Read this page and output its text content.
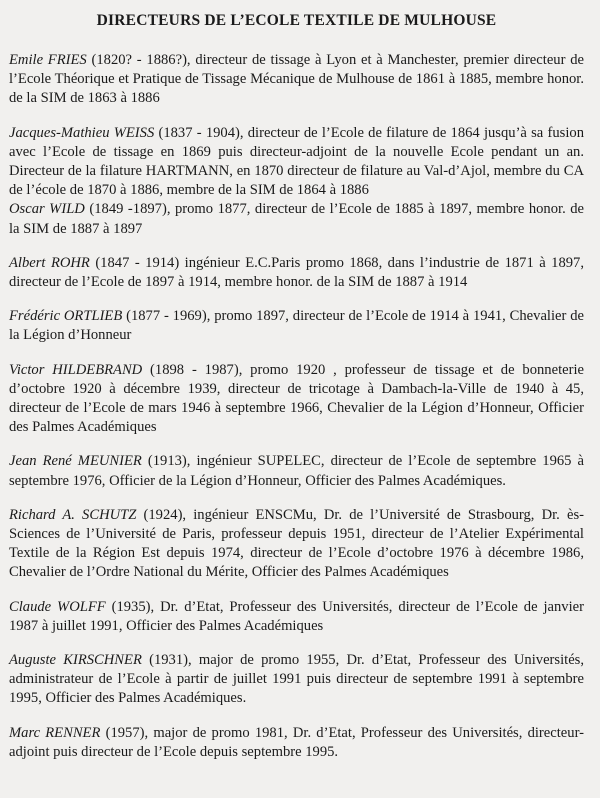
DIRECTEURS DE L’ECOLE TEXTILE DE MULHOUSE

Emile FRIES (1820? - 1886?), directeur de tissage à Lyon et à Manchester, premier directeur de l’Ecole Théorique et Pratique de Tissage Mécanique de Mulhouse de 1861 à 1885, membre honor. de la SIM de 1863 à 1886

Jacques-Mathieu WEISS (1837 - 1904), directeur de l’Ecole de filature de 1864 jusqu’à sa fusion avec l’Ecole de tissage en 1869 puis directeur-adjoint de la nouvelle Ecole pendant un an. Directeur de la filature HARTMANN, en 1870 directeur de filature au Val-d’Ajol, membre du CA de l’école de 1870 à 1886, membre de la SIM de 1864 à 1886

Oscar WILD (1849 -1897), promo 1877, directeur de l’Ecole de 1885 à 1897, membre honor. de la SIM de 1887 à 1897

Albert ROHR (1847 - 1914) ingénieur E.C.Paris promo 1868, dans l’industrie de 1871 à 1897, directeur de l’Ecole de 1897 à 1914, membre honor. de la SIM de 1887 à 1914

Frédéric ORTLIEB (1877 - 1969), promo 1897, directeur de l’Ecole de 1914 à 1941, Chevalier de la Légion d’Honneur

Victor HILDEBRAND (1898 - 1987), promo 1920 , professeur de tissage et de bonneterie d’octobre 1920 à décembre 1939, directeur de tricotage à Dambach-la-Ville de 1940 à 45, directeur de l’Ecole de mars 1946 à septembre 1966, Chevalier de la Légion d’Honneur, Officier des Palmes Académiques

Jean René MEUNIER (1913), ingénieur SUPELEC, directeur de l’Ecole de septembre 1965 à septembre 1976, Officier de la Légion d’Honneur, Officier des Palmes Académiques.

Richard A. SCHUTZ (1924), ingénieur ENSCMu, Dr. de l’Université de Strasbourg, Dr. ès-Sciences de l’Université de Paris, professeur depuis 1951, directeur de l’Atelier Expérimental Textile de la Région Est depuis 1974, directeur de l’Ecole d’octobre 1976 à décembre 1986, Chevalier de l’Ordre National du Mérite, Officier des Palmes Académiques

Claude WOLFF (1935), Dr. d’Etat, Professeur des Universités, directeur de l’Ecole de janvier 1987 à juillet 1991, Officier des Palmes Académiques

Auguste KIRSCHNER (1931), major de promo 1955, Dr. d’Etat, Professeur des Universités, administrateur de l’Ecole à partir de juillet 1991 puis directeur de septembre 1991 à septembre 1995, Officier des Palmes Académiques.

Marc RENNER (1957), major de promo 1981, Dr. d’Etat, Professeur des Universités, directeur-adjoint puis directeur de l’Ecole depuis septembre 1995.
